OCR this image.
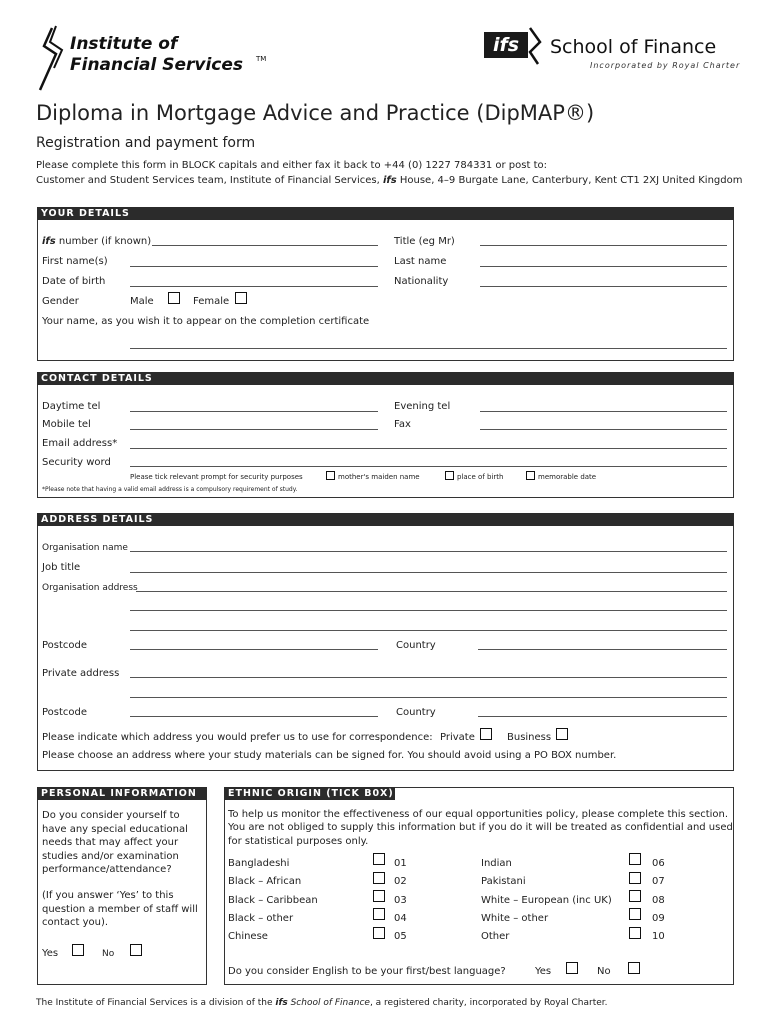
Institute of
Financial Services TM
ifs	School of Finance
Incorporated by Royal Charter
Diploma in Mortgage Advice and Practice (DipMAP®)
Registration and payment form
Please complete this form in BLOCK capitals and either fax it back to +44 (0) 1227 784331 or post to:
Customer and Student Services team, Institute of Financial Services, ifs House, 4–9 Burgate Lane, Canterbury, Kent CT1 2XJ United Kingdom
YOUR DETAILS
ifs number (if known)	Title (eg Mr)
First name(s)	Last name
Date of birth	Nationality
Gender	Male	Female
Your name, as you wish it to appear on the completion certificate
CONTACT DETAILS
Daytime tel	Evening tel
Mobile tel	Fax
Email address*
Security word
Please tick relevant prompt for security purposes	mother's maiden name	place of birth	memorable date
*Please note that having a valid email address is a compulsory requirement of study.
ADDRESS DETAILS
Organisation name
Job title
Organisation address
Postcode	Country
Private address
Postcode	Country
Please indicate which address you would prefer us to use for correspondence: Private	Business
Please choose an address where your study materials can be signed for. You should avoid using a PO BOX number.
PERSONAL INFORMATION
Do you consider yourself to have any special educational needs that may affect your studies and/or examination performance/attendance?
(If you answer ‘Yes’ to this question a member of staff will contact you).
Yes	No
ETHNIC ORIGIN (TICK B0X)
To help us monitor the effectiveness of our equal opportunities policy, please complete this section.
You are not obliged to supply this information but if you do it will be treated as confidential and used
for statistical purposes only.
Bangladeshi	01
Black – African	02
Black – Caribbean	03
Black – other	04
Chinese	05
Indian	06
Pakistani	07
White – European (inc UK)	08
White – other	09
Other	10
Do you consider English to be your first/best language?	Yes	No
The Institute of Financial Services is a division of the ifs School of Finance, a registered charity, incorporated by Royal Charter.
